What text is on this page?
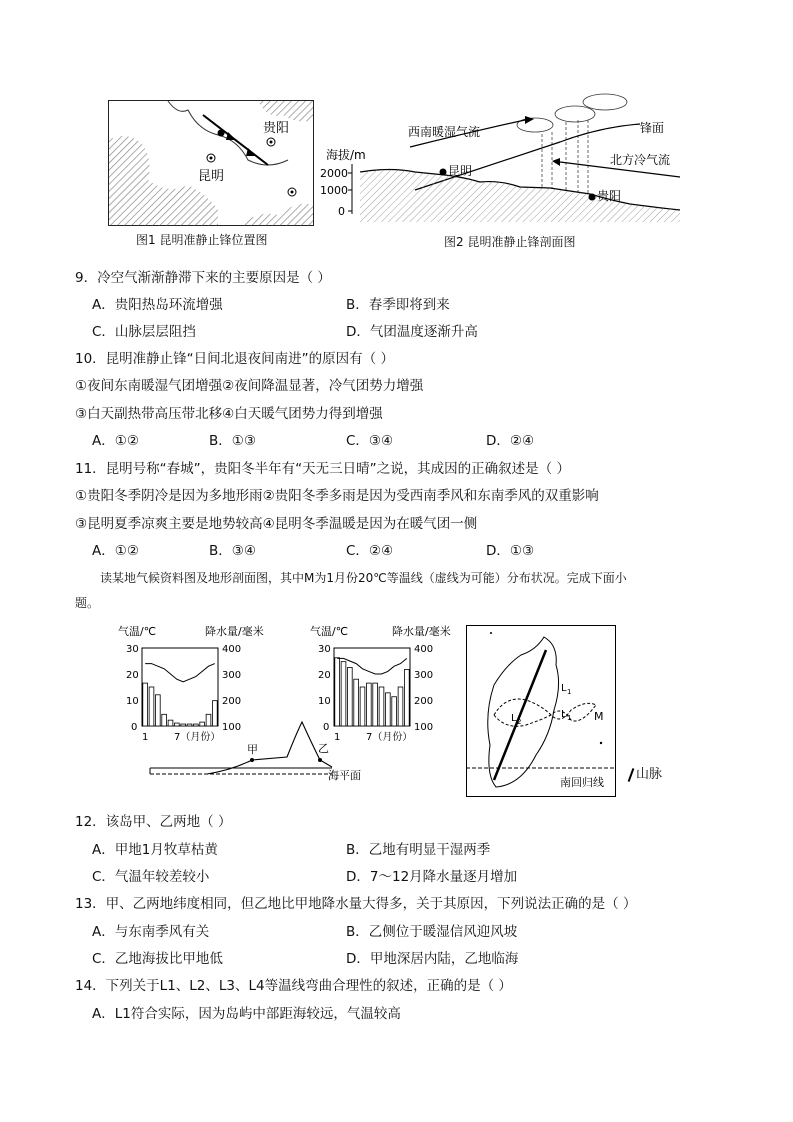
贵阳
昆明
图1 昆明准静止锋位置图
西南暖湿气流	锋面
北方冷气流
海拔/m
2000
1000
0
昆明
贵阳
图2 昆明准静止锋剖面图
9．冷空气渐渐静滞下来的主要原因是（ ）
A．贵阳热岛环流增强	B．春季即将到来
C．山脉层层阻挡	D．气团温度逐渐升高
10．昆明准静止锋“日间北退夜间南进”的原因有（ ）
①夜间东南暖湿气团增强②夜间降温显著，冷气团势力增强
③白天副热带高压带北移④白天暖气团势力得到增强
A．①②	B．①③	C．③④	D．②④
11．昆明号称“春城”，贵阳冬半年有“天无三日晴”之说，其成因的正确叙述是（ ）
①贵阳冬季阴冷是因为多地形雨②贵阳冬季多雨是因为受西南季风和东南季风的双重影响
③昆明夏季凉爽主要是地势较高④昆明冬季温暖是因为在暖气团一侧
A．①②	B．③④	C．②④	D．①③
读某地气候资料图及地形剖面图，其中M为1月份20℃等温线（虚线为可能）分布状况。完成下面小
题。
气温/℃	降水量/毫米
30
20
10
0
400
300
200
100
1	7（月份）
气温/℃	降水量/毫米
30
20
10
0
400
300
200
100
1	7（月份）
甲	乙
海平面
L 1
L 1
L 2	M
南回归线
山脉
12．该岛甲、乙两地（ ）
A．甲地1月牧草枯黄	B．乙地有明显干湿两季
C．气温年较差较小	D．7～12月降水量逐月增加
13．甲、乙两地纬度相同，但乙地比甲地降水量大得多，关于其原因，下列说法正确的是（ ）
A．与东南季风有关	B．乙侧位于暖湿信风迎风坡
C．乙地海拔比甲地低	D．甲地深居内陆，乙地临海
14．下列关于L1、L2、L3、L4等温线弯曲合理性的叙述，正确的是（ ）
A．L1符合实际，因为岛屿中部距海较远，气温较高
